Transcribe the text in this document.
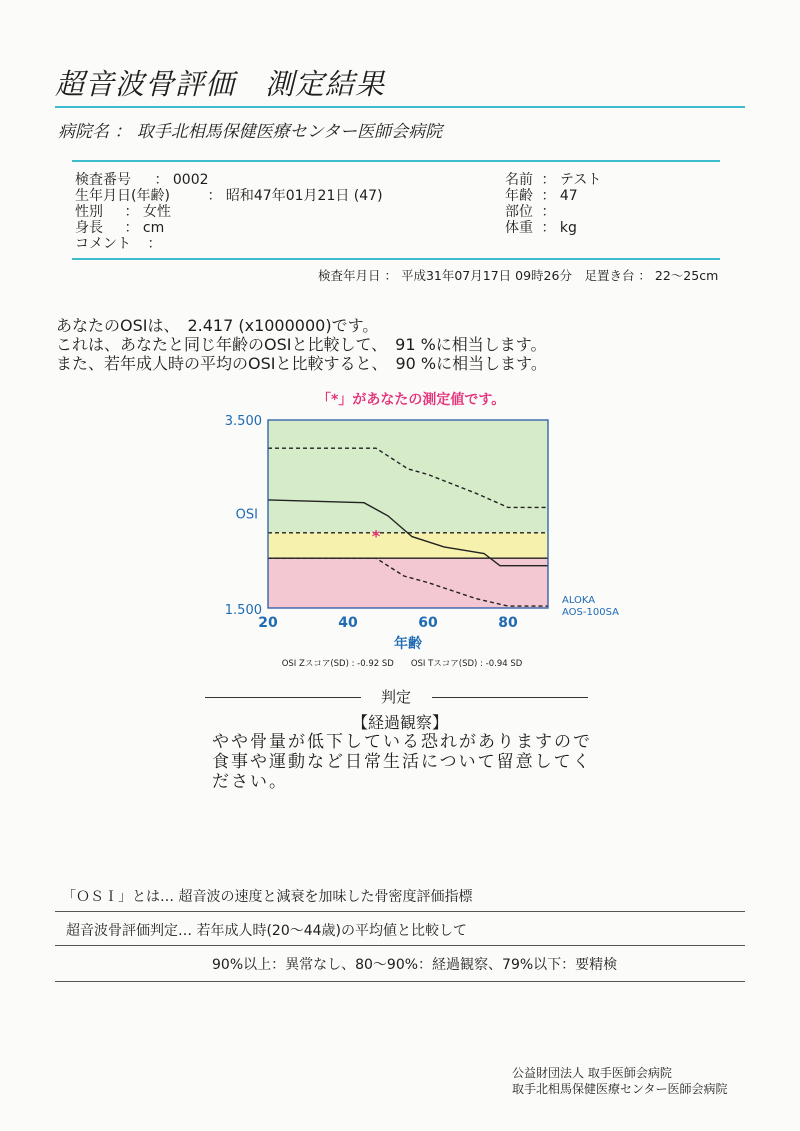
超音波骨評価　測定結果
病院名 ： 取手北相馬保健医療センター医師会病院
検査番号 ： 0002
生年月日(年齢)	： 昭和47年01月21日 (47)
性別 ： 女性
身長 ： cm
コメント ：
名前 ： テスト
年齢 ： 47
部位 ：
体重 ： kg
検査年月日 ： 平成31年07月17日 09時26分　足置き台 ： 22～25cm
あなたのOSIは、　2.417 (x1000000)です。
これは、あなたと同じ年齢のOSIと比較して、　91 %に相当します。
また、若年成人時の平均のOSIと比較すると、　90 %に相当します。
「*」があなたの測定値です。
*
3.500
1.500
OSI
20	40	60	80
年齢
ALOKA
AOS-100SA
OSI Zスコア(SD) : -0.92 SD　　OSI Tスコア(SD) : -0.94 SD
判定
【経過観察】
やや骨量が低下している恐れがありますので
食事や運動など日常生活について留意してく
ださい。
「ＯＳＩ」とは… 超音波の速度と減衰を加味した骨密度評価指標
超音波骨評価判定… 若年成人時(20～44歳)の平均値と比較して
90%以上：異常なし、80～90%：経過観察、79%以下：要精検
公益財団法人 取手医師会病院
取手北相馬保健医療センター医師会病院
